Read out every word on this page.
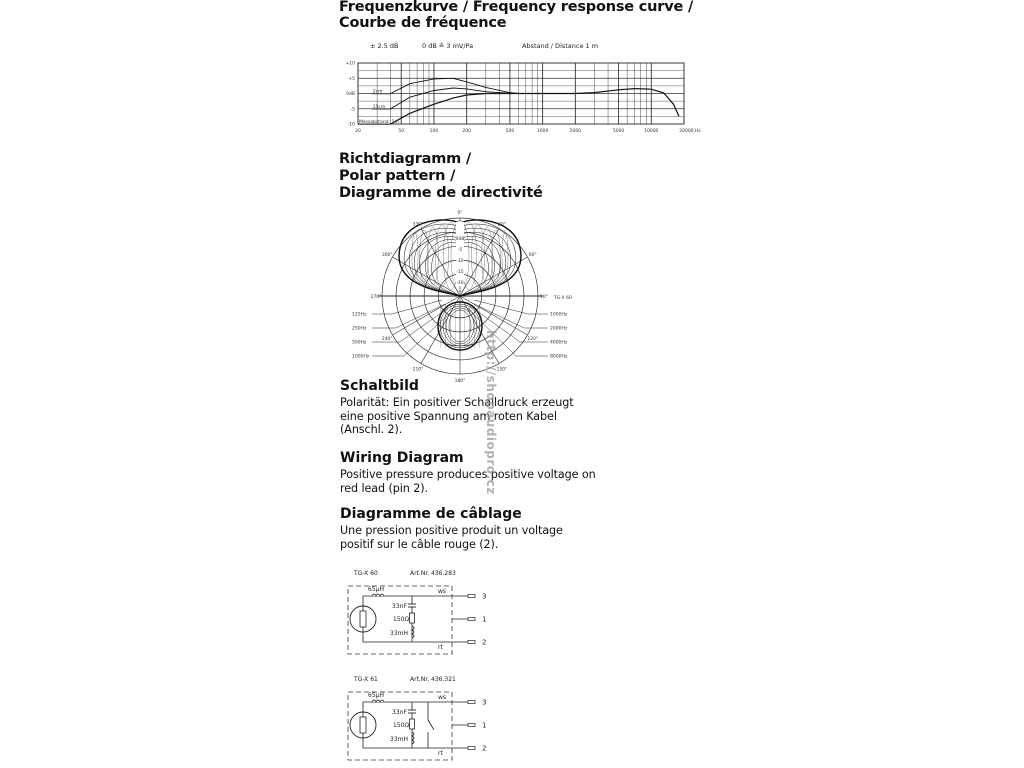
Frequenzkurve / Frequency response curve /
Courbe de fréquence
± 2.5 dB	0 dB ≙ 3 mV/Pa	Abstand / Distance 1 m
+10
+5
0dB
-5
-10
20	50	100	200	500	1000	2000	5000	10000	20000 Hz
2cm
15cm
Messabstand: 1m
Richtdiagramm /
Polar pattern /
Diagramme de directivité
0°
30°
60°
90°
120°
150°
180°
210°
240°
270°
300°
330°
0dB
-5
-10
-15
-20
125Hz
250Hz
500Hz
1000Hz
1000Hz
2000Hz
4000Hz
8000Hz
TG-X 60
Schaltbild
Polarität: Ein positiver Schalldruck erzeugt
eine positive Spannung am roten Kabel
(Anschl. 2).
Wiring Diagram
Positive pressure produces positive voltage on
red lead (pin 2).
Diagramme de câblage
Une pression positive produit un voltage
positif sur le câble rouge (2).
TG-X 60	Art.Nr. 436.283
65µH
33nF
150Ω
33mH
ws
rt
3
1
2
TG-X 61	Art.Nr. 436.321
65µH
33nF
150Ω
33mH
ws
rt
3
1
2
http://shopaudiopro.cz
